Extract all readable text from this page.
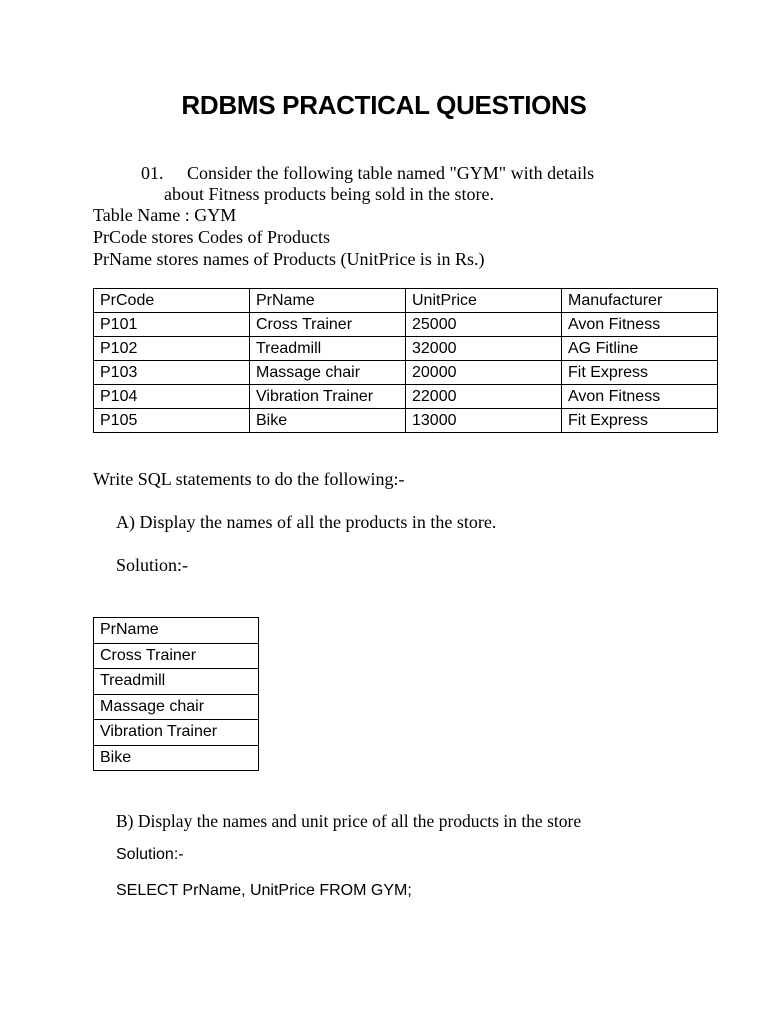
RDBMS PRACTICAL QUESTIONS
01. Consider the following table named "GYM" with details
about Fitness products being sold in the store.
Table Name : GYM
PrCode stores Codes of Products
PrName stores names of Products (UnitPrice is in Rs.)
PrCode	PrName	UnitPrice	Manufacturer
P101	Cross Trainer	25000	Avon Fitness
P102	Treadmill	32000	AG Fitline
P103	Massage chair	20000	Fit Express
P104	Vibration Trainer	22000	Avon Fitness
P105	Bike	13000	Fit Express
Write SQL statements to do the following:-
A) Display the names of all the products in the store.
Solution:-
PrName
Cross Trainer
Treadmill
Massage chair
Vibration Trainer
Bike
B) Display the names and unit price of all the products in the store
Solution:-
SELECT PrName, UnitPrice FROM GYM;
